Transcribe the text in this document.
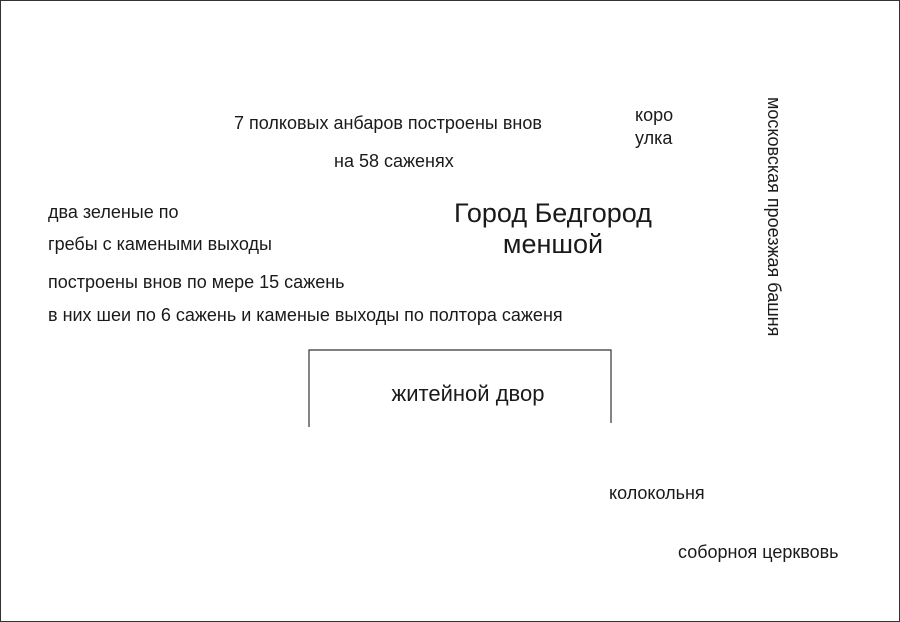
7 полковых анбаров построены внов
на 58 саженях
коро
улка
Город Бедгород
меншой	московская проезжая башня
два зеленые по
гребы с камеными выходы
построены внов по мере 15 сажень
в них шеи по 6 сажень и каменые выходы по полтора саженя
житейной двор
колокольня
соборноя церквовь
